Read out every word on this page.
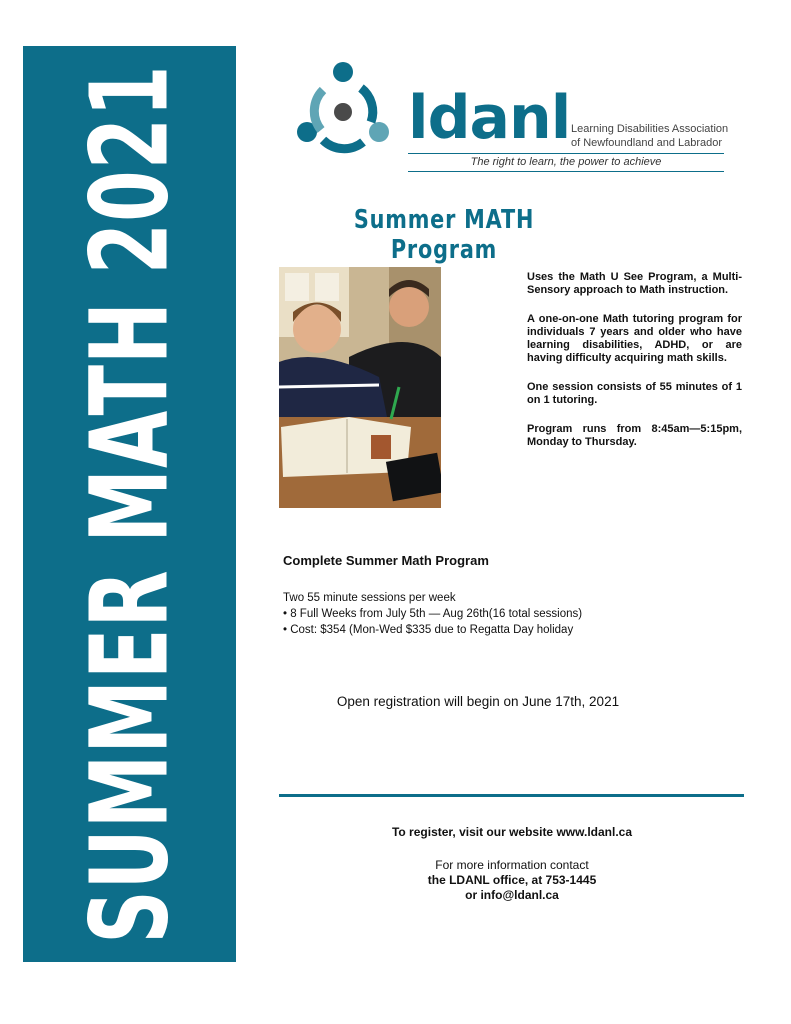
SUMMER MATH 2021	ldanl Learning Disabilities Association
of Newfoundland and Labrador
The right to learn, the power to achieve
Summer MATH Program

Uses the Math U See Program, a Multi-Sensory approach to Math instruction.

A one-on-one Math tutoring program for individuals 7 years and older who have learning disabilities, ADHD, or are having difficulty acquiring math skills.

One session consists of 55 minutes of 1 on 1 tutoring.

Program runs from 8:45am—5:15pm, Monday to Thursday.

Complete Summer Math Program
Two 55 minute sessions per week
• 8 Full Weeks from July 5th — Aug 26th(16 total sessions)
• Cost: $354 (Mon-Wed $335 due to Regatta Day holiday
Open registration will begin on June 17th, 2021
To register, visit our website www.ldanl.ca
For more information contact
the LDANL office, at 753-1445
or info@ldanl.ca
